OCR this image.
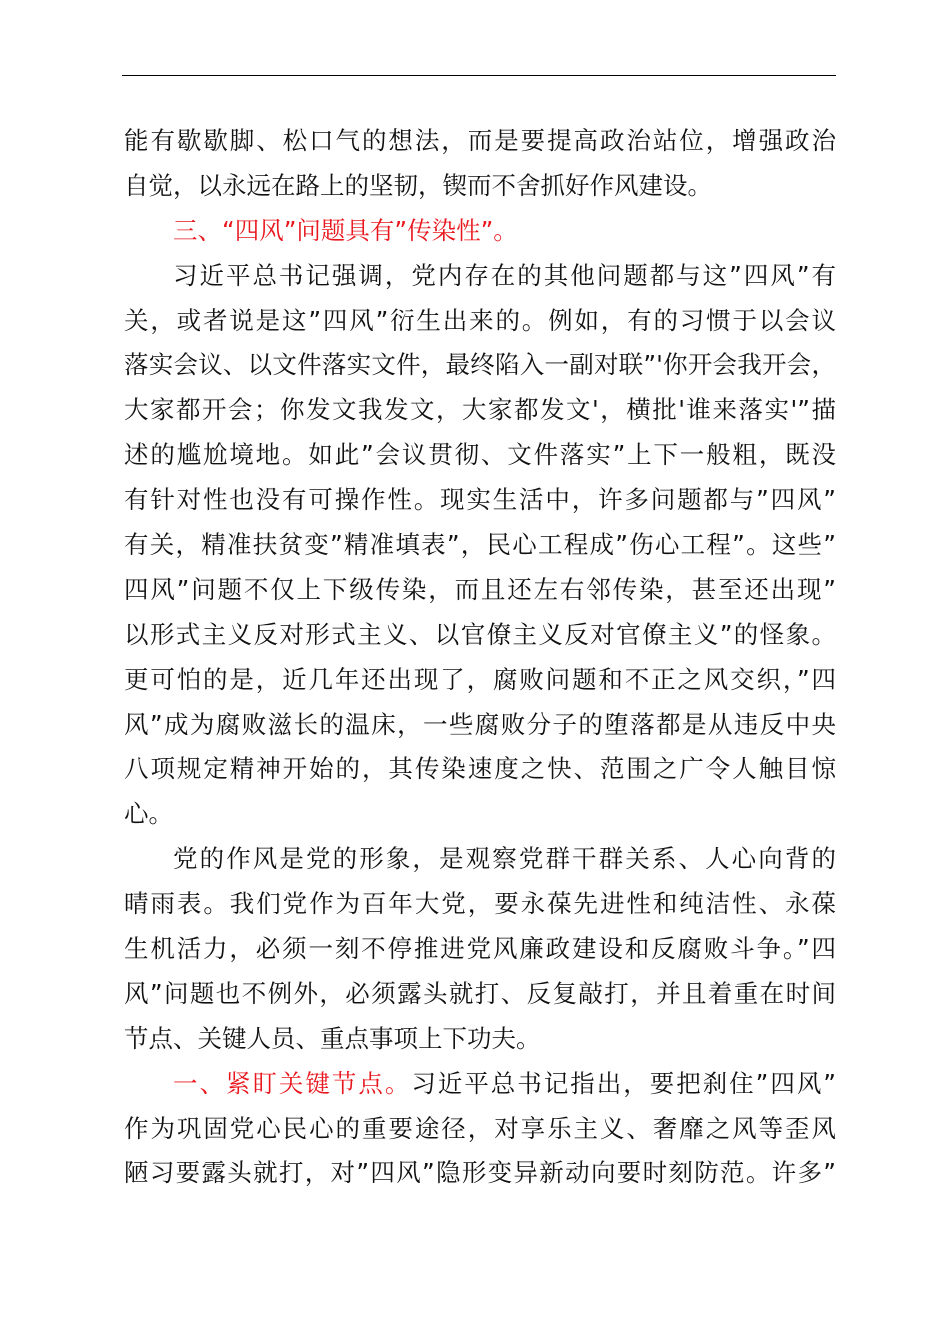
能有歇歇脚、松口气的想法，而是要提高政治站位，增强政治
自觉，以永远在路上的坚韧，锲而不舍抓好作风建设。
三、“四风”问题具有”传染性”。
习近平总书记强调，党内存在的其他问题都与这”四风”有
关，或者说是这”四风”衍生出来的。例如，有的习惯于以会议
落实会议、以文件落实文件，最终陷入一副对联”'你开会我开会，
大家都开会；你发文我发文，大家都发文'，横批'谁来落实'”描
述的尴尬境地。如此”会议贯彻、文件落实”上下一般粗，既没
有针对性也没有可操作性。现实生活中，许多问题都与”四风”
有关，精准扶贫变”精准填表”，民心工程成”伤心工程”。这些”
四风”问题不仅上下级传染，而且还左右邻传染，甚至还出现”
以形式主义反对形式主义、以官僚主义反对官僚主义”的怪象。
更可怕的是，近几年还出现了，腐败问题和不正之风交织，”四
风”成为腐败滋长的温床，一些腐败分子的堕落都是从违反中央
八项规定精神开始的，其传染速度之快、范围之广令人触目惊
心。
党的作风是党的形象，是观察党群干群关系、人心向背的
晴雨表。我们党作为百年大党，要永葆先进性和纯洁性、永葆
生机活力，必须一刻不停推进党风廉政建设和反腐败斗争。”四
风”问题也不例外，必须露头就打、反复敲打，并且着重在时间
节点、关键人员、重点事项上下功夫。
一、紧盯关键节点。习近平总书记指出，要把刹住”四风”
作为巩固党心民心的重要途径，对享乐主义、奢靡之风等歪风
陋习要露头就打，对”四风”隐形变异新动向要时刻防范。许多”
